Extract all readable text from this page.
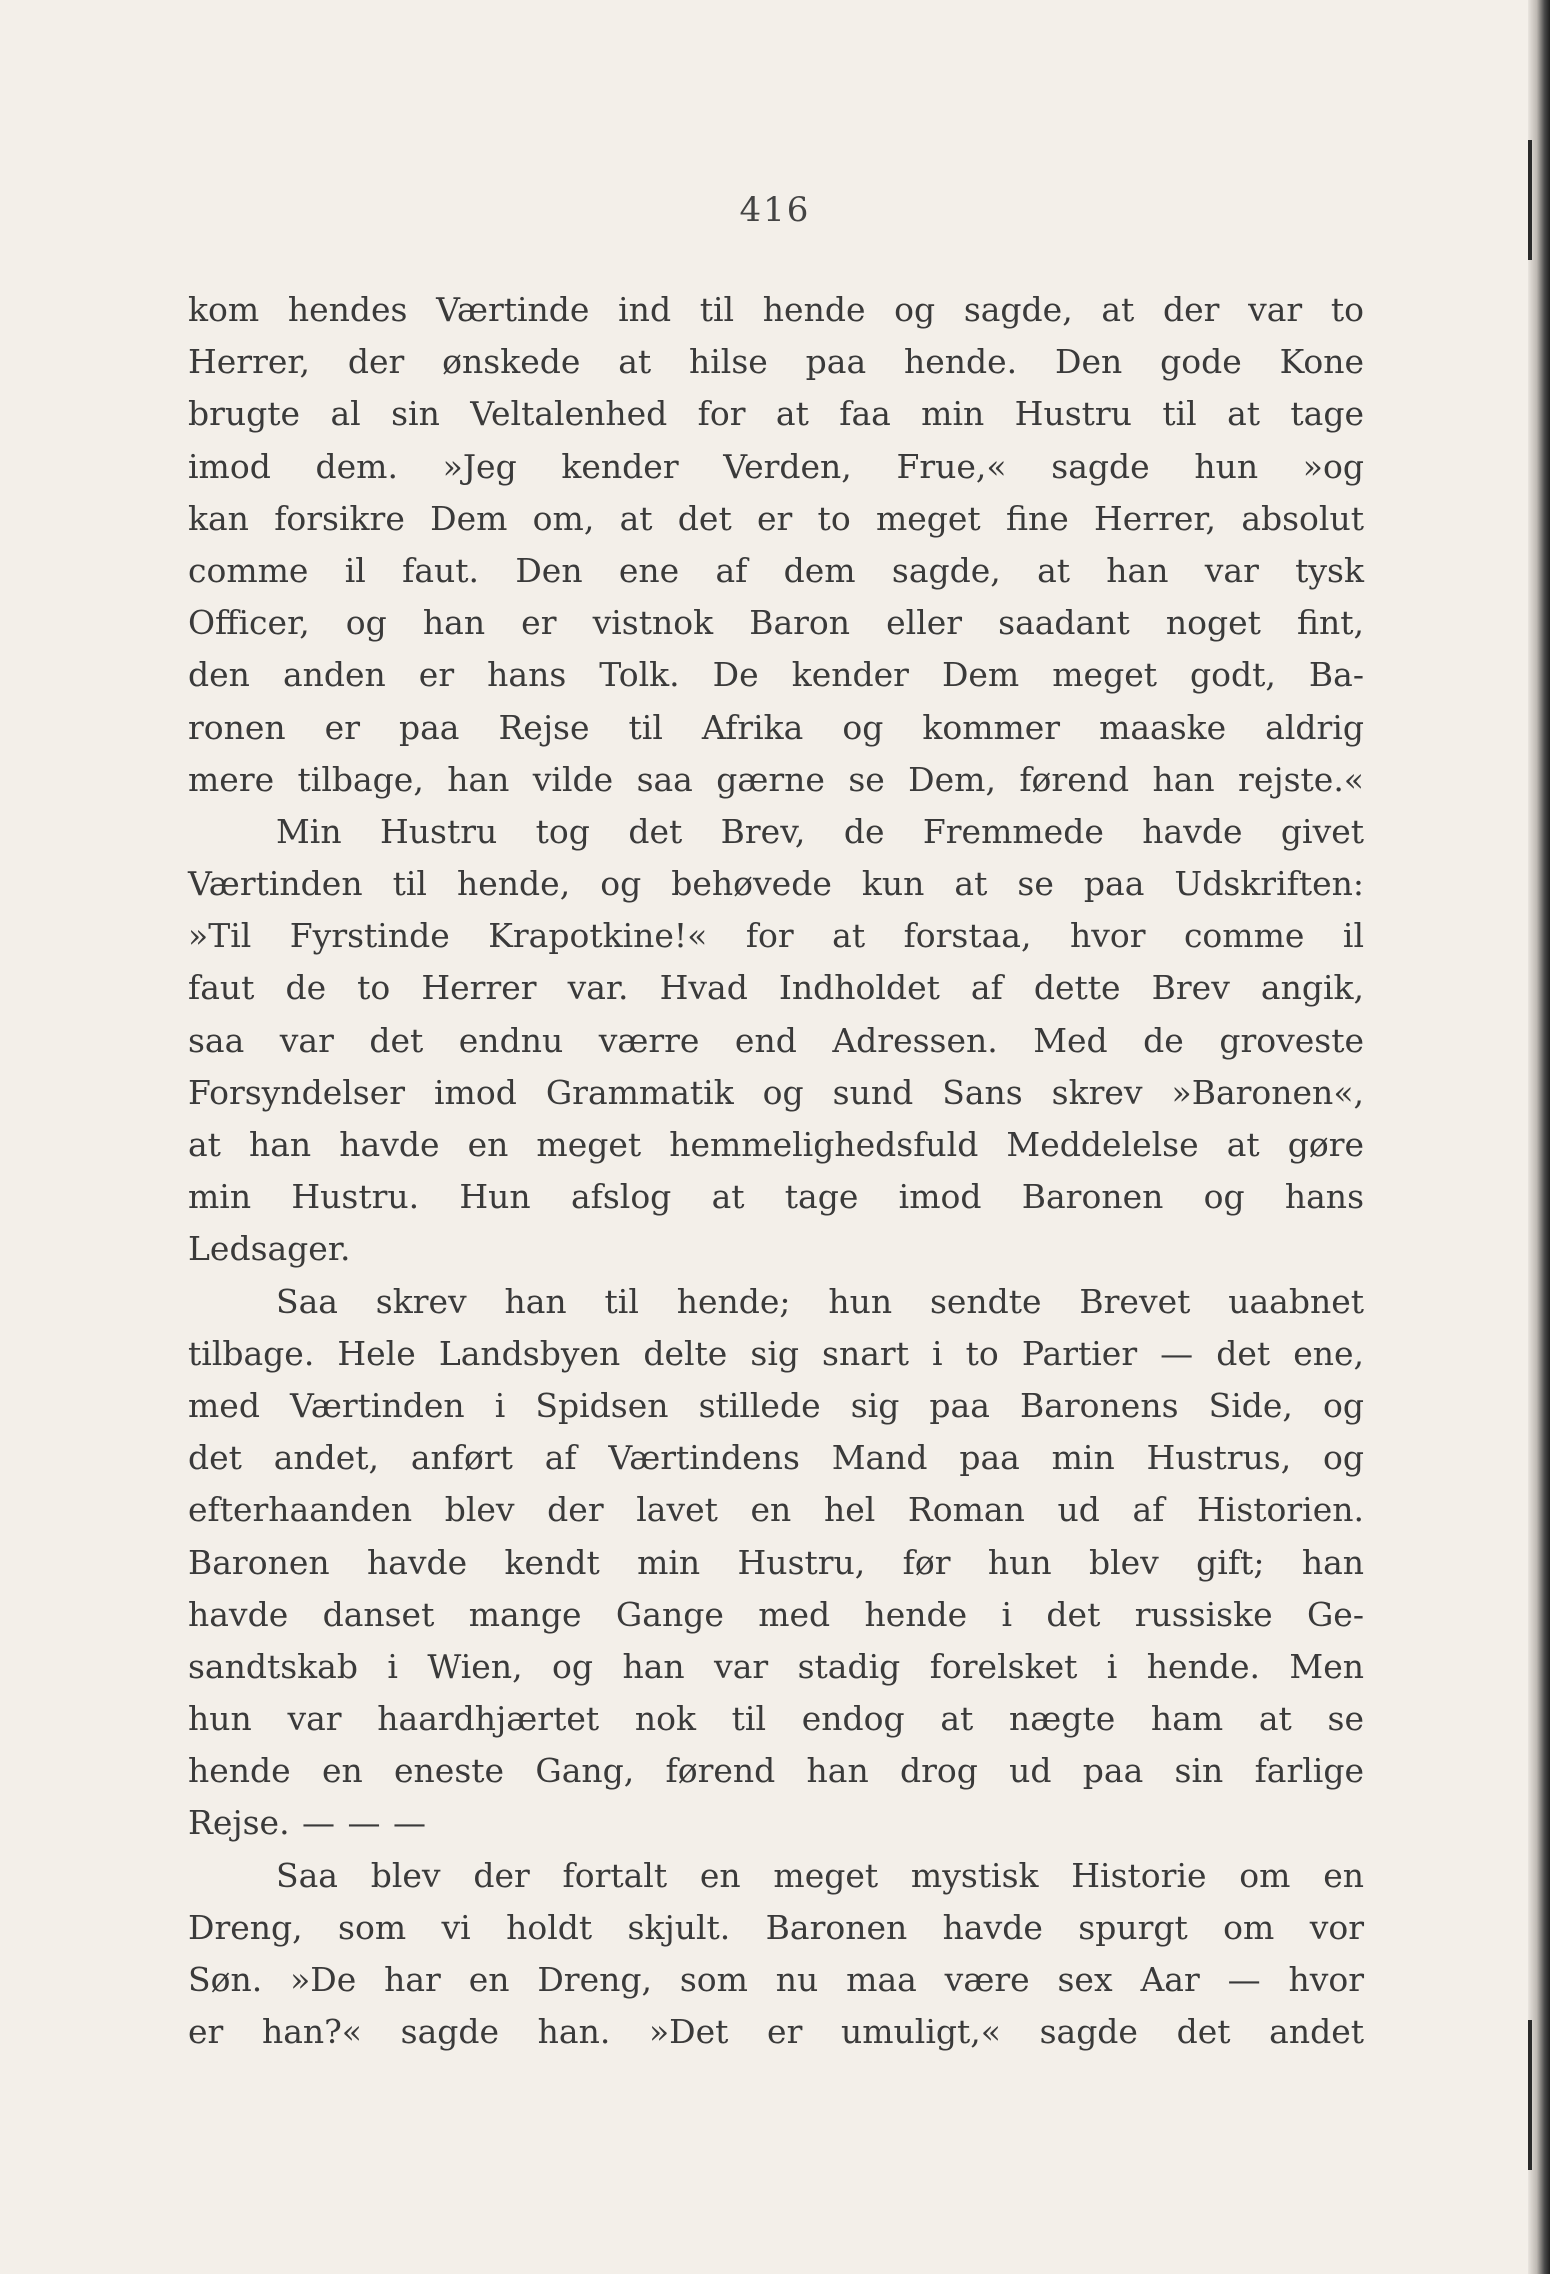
416
kom hendes Værtinde ind til hende og sagde, at der var to
Herrer, der ønskede at hilse paa hende. Den gode Kone
brugte al sin Veltalenhed for at faa min Hustru til at tage
imod dem. »Jeg kender Verden, Frue,« sagde hun »og
kan forsikre Dem om, at det er to meget fine Herrer, absolut
comme il faut. Den ene af dem sagde, at han var tysk
Officer, og han er vistnok Baron eller saadant noget fint,
den anden er hans Tolk. De kender Dem meget godt, Ba-
ronen er paa Rejse til Afrika og kommer maaske aldrig
mere tilbage, han vilde saa gærne se Dem, førend han rejste.«
Min Hustru tog det Brev, de Fremmede havde givet
Værtinden til hende, og behøvede kun at se paa Udskriften:
»Til Fyrstinde Krapotkine!« for at forstaa, hvor comme il
faut de to Herrer var. Hvad Indholdet af dette Brev angik,
saa var det endnu værre end Adressen. Med de groveste
Forsyndelser imod Grammatik og sund Sans skrev »Baronen«,
at han havde en meget hemmelighedsfuld Meddelelse at gøre
min Hustru. Hun afslog at tage imod Baronen og hans
Ledsager.
Saa skrev han til hende; hun sendte Brevet uaabnet
tilbage. Hele Landsbyen delte sig snart i to Partier — det ene,
med Værtinden i Spidsen stillede sig paa Baronens Side, og
det andet, anført af Værtindens Mand paa min Hustrus, og
efterhaanden blev der lavet en hel Roman ud af Historien.
Baronen havde kendt min Hustru, før hun blev gift; han
havde danset mange Gange med hende i det russiske Ge-
sandtskab i Wien, og han var stadig forelsket i hende. Men
hun var haardhjærtet nok til endog at nægte ham at se
hende en eneste Gang, førend han drog ud paa sin farlige
Rejse. — — —
Saa blev der fortalt en meget mystisk Historie om en
Dreng, som vi holdt skjult. Baronen havde spurgt om vor
Søn. »De har en Dreng, som nu maa være sex Aar — hvor
er han?« sagde han. »Det er umuligt,« sagde det andet
